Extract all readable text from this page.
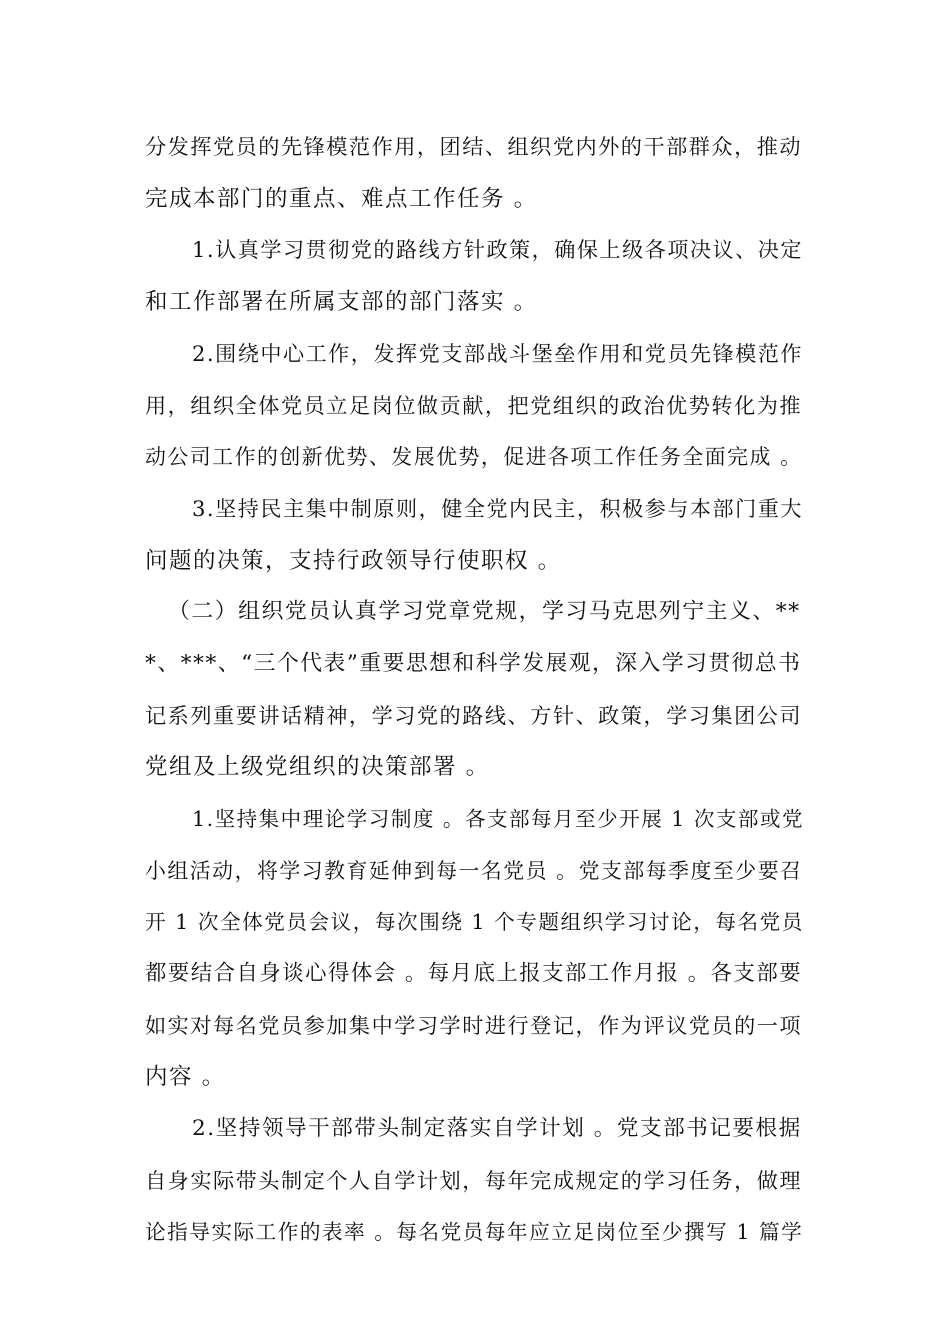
分发挥党员的先锋模范作用，团结、组织党内外的干部群众，推动
完成本部门的重点、难点工作任务 。
1.认真学习贯彻党的路线方针政策，确保上级各项决议、决定
和工作部署在所属支部的部门落实 。
2.围绕中心工作，发挥党支部战斗堡垒作用和党员先锋模范作
用，组织全体党员立足岗位做贡献，把党组织的政治优势转化为推
动公司工作的创新优势、发展优势，促进各项工作任务全面完成 。
3.坚持民主集中制原则，健全党内民主，积极参与本部门重大
问题的决策，支持行政领导行使职权 。
（二）组织党员认真学习党章党规，学习马克思列宁主义、**
*、***、“三个代表”重要思想和科学发展观，深入学习贯彻总书
记系列重要讲话精神，学习党的路线、方针、政策，学习集团公司
党组及上级党组织的决策部署 。
1.坚持集中理论学习制度 。各支部每月至少开展 1 次支部或党
小组活动，将学习教育延伸到每一名党员 。党支部每季度至少要召
开 1 次全体党员会议，每次围绕 1 个专题组织学习讨论，每名党员
都要结合自身谈心得体会 。每月底上报支部工作月报 。各支部要
如实对每名党员参加集中学习学时进行登记，作为评议党员的一项
内容 。
2.坚持领导干部带头制定落实自学计划 。党支部书记要根据
自身实际带头制定个人自学计划，每年完成规定的学习任务，做理
论指导实际工作的表率 。每名党员每年应立足岗位至少撰写 1 篇学
